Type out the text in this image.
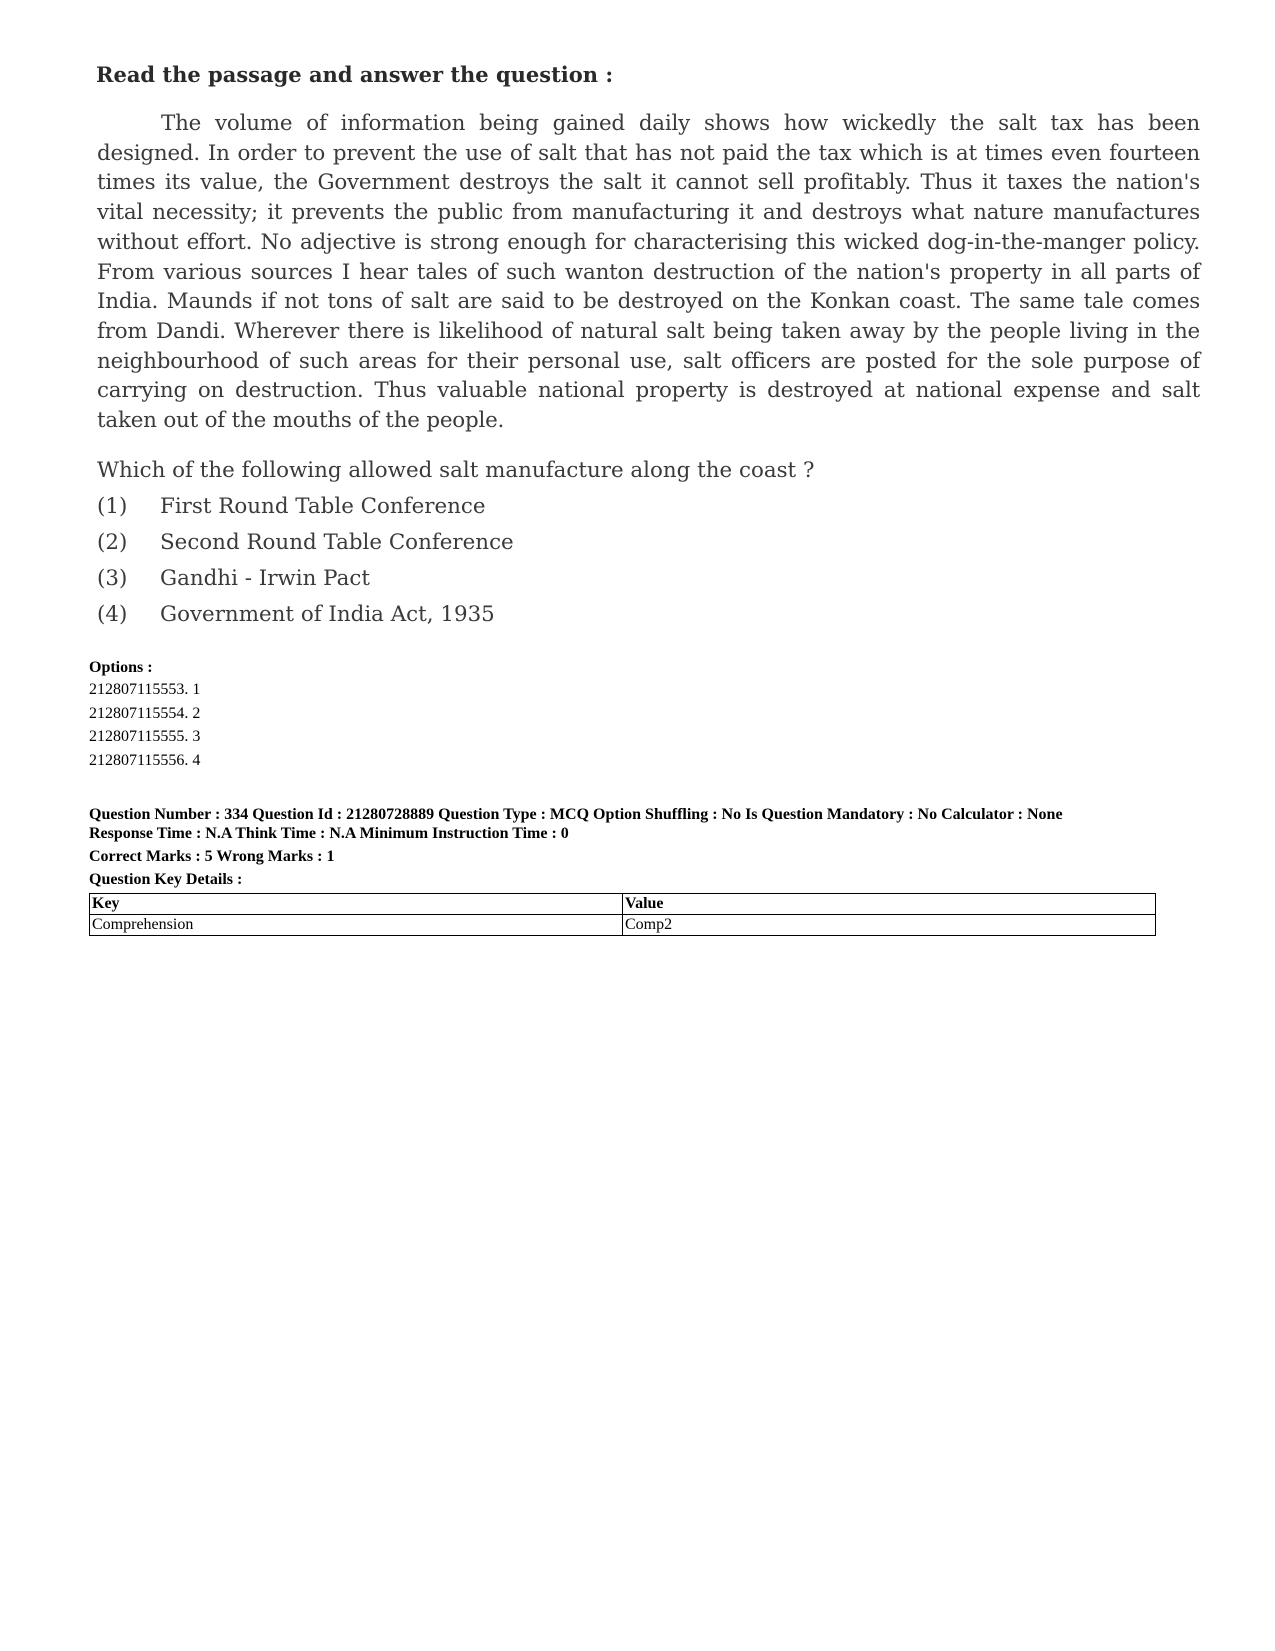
Read the passage and answer the question :
The volume of information being gained daily shows how wickedly the salt tax has been designed. In order to prevent the use of salt that has not paid the tax which is at times even fourteen times its value, the Government destroys the salt it cannot sell profitably. Thus it taxes the nation's vital necessity; it prevents the public from manufacturing it and destroys what nature manufactures without effort. No adjective is strong enough for characterising this wicked dog-in-the-manger policy. From various sources I hear tales of such wanton destruction of the nation's property in all parts of India. Maunds if not tons of salt are said to be destroyed on the Konkan coast. The same tale comes from Dandi. Wherever there is likelihood of natural salt being taken away by the people living in the neighbourhood of such areas for their personal use, salt officers are posted for the sole purpose of carrying on destruction. Thus valuable national property is destroyed at national expense and salt taken out of the mouths of the people.
Which of the following allowed salt manufacture along the coast ?
(1)	First Round Table Conference
(2)	Second Round Table Conference
(3)	Gandhi - Irwin Pact
(4)	Government of India Act, 1935
Options :
212807115553. 1
212807115554. 2
212807115555. 3
212807115556. 4
Question Number : 334 Question Id : 21280728889 Question Type : MCQ Option Shuffling : No Is Question Mandatory : No Calculator : None
Response Time : N.A Think Time : N.A Minimum Instruction Time : 0
Correct Marks : 5 Wrong Marks : 1
Question Key Details :
Key	Value
Comprehension	Comp2
